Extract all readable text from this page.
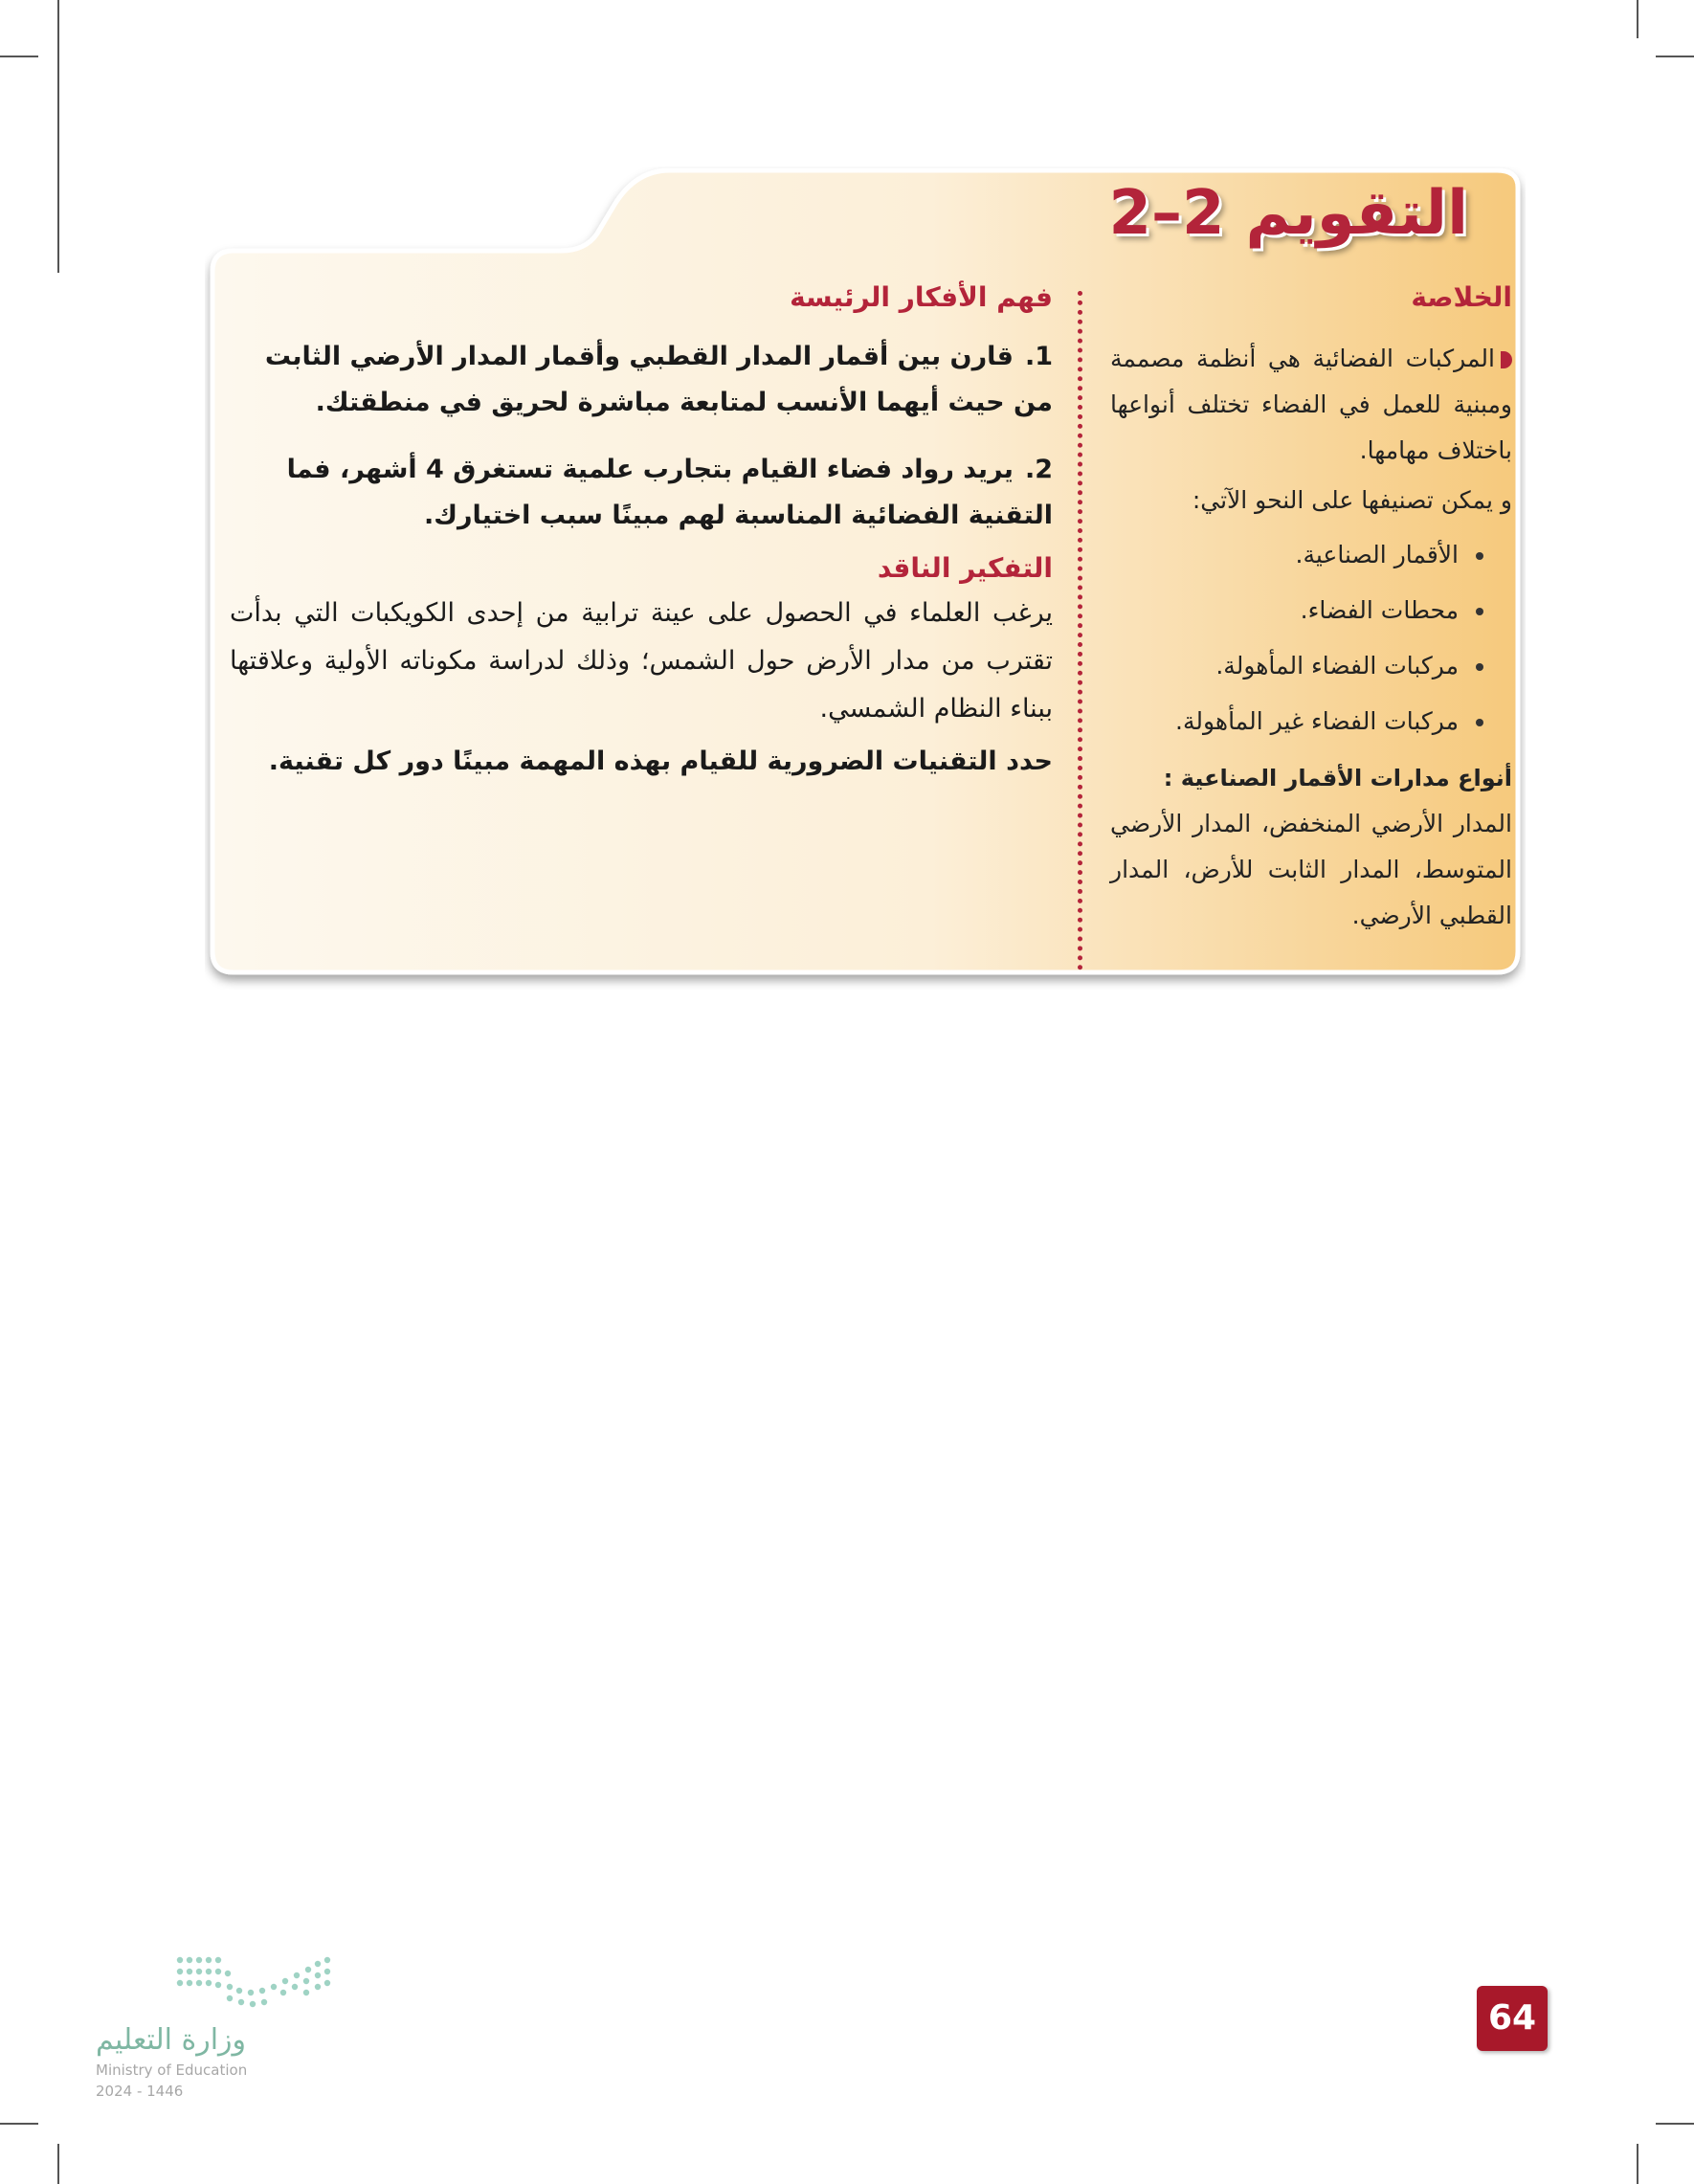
التقويم2–2
الخلاصة
المركبات الفضائية هي أنظمة مصممة ومبنية للعمل في الفضاء تختلف أنواعها باختلاف مهامها.
و يمكن تصنيفها على النحو الآتي:
الأقمار الصناعية.
محطات الفضاء.
مركبات الفضاء المأهولة.
مركبات الفضاء غير المأهولة.
أنواع مدارات الأقمار الصناعية :
المدار الأرضي المنخفض، المدار الأرضي المتوسط، المدار الثابت للأرض، المدار القطبي الأرضي.
فهم الأفكار الرئيسة
1.قارن بين أقمار المدار القطبي وأقمار المدار الأرضي الثابت من حيث أيهما الأنسب لمتابعة مباشرة لحريق في منطقتك.
2.يريد رواد فضاء القيام بتجارب علمية تستغرق 4 أشهر، فما التقنية الفضائية المناسبة لهم مبينًا سبب اختيارك.
التفكير الناقد
يرغب العلماء في الحصول على عينة ترابية من إحدى الكويكبات التي بدأت تقترب من مدار الأرض حول الشمس؛ وذلك لدراسة مكوناته الأولية وعلاقتها ببناء النظام الشمسي.
حدد التقنيات الضرورية للقيام بهذه المهمة مبينًا دور كل تقنية.
وزارة التعليم
Ministry of Education
2024 - 1446
64
